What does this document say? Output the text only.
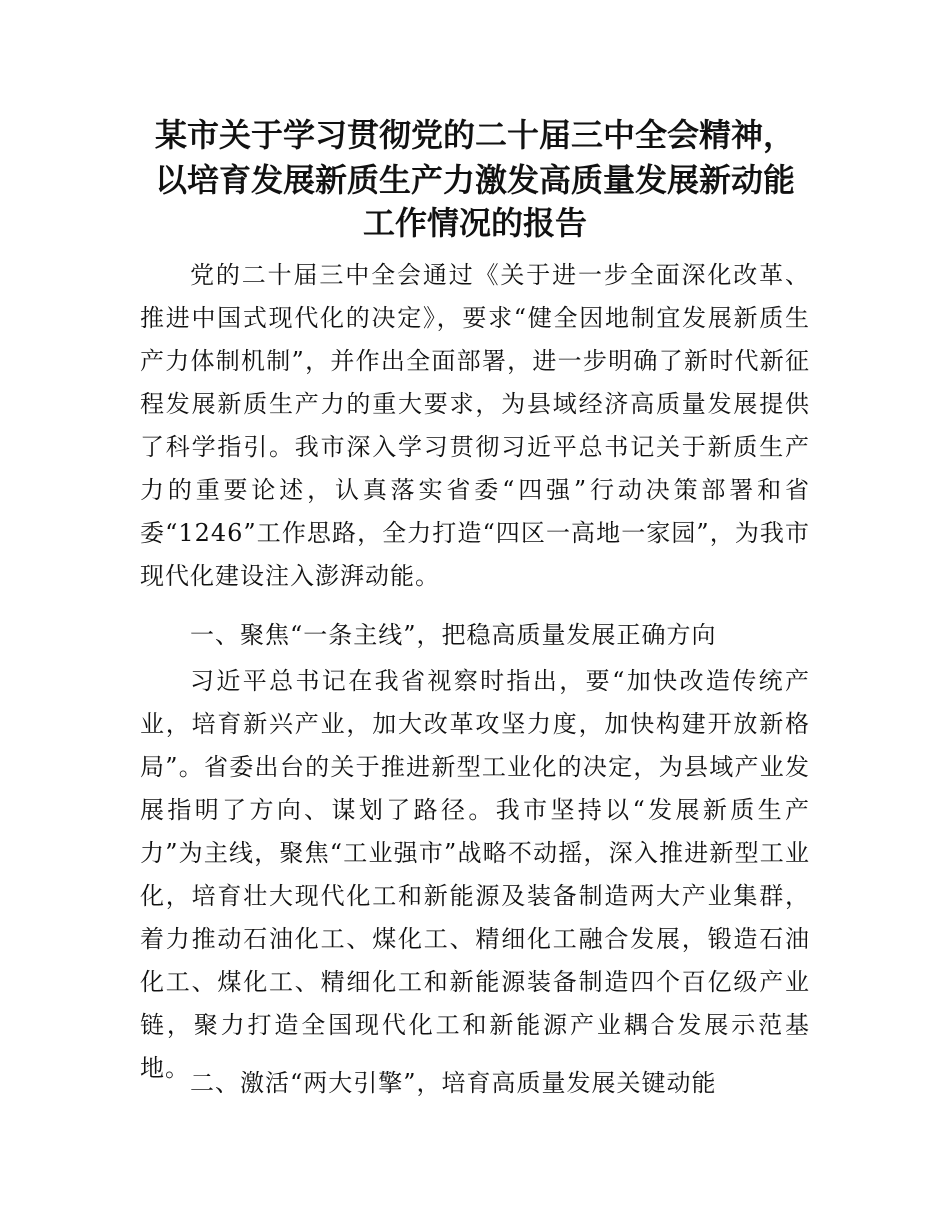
某市关于学习贯彻党的二十届三中全会精神，
以培育发展新质生产力激发高质量发展新动能
工作情况的报告

党的二十届三中全会通过《关于进一步全面深化改革、推进中国式现代化的决定》，要求“健全因地制宜发展新质生产力体制机制”，并作出全面部署，进一步明确了新时代新征程发展新质生产力的重大要求，为县域经济高质量发展提供了科学指引。我市深入学习贯彻习近平总书记关于新质生产力的重要论述，认真落实省委“四强”行动决策部署和省委“1246”工作思路，全力打造“四区一高地一家园”，为我市现代化建设注入澎湃动能。

一、聚焦“一条主线”，把稳高质量发展正确方向

习近平总书记在我省视察时指出，要“加快改造传统产业，培育新兴产业，加大改革攻坚力度，加快构建开放新格局”。省委出台的关于推进新型工业化的决定，为县域产业发展指明了方向、谋划了路径。我市坚持以“发展新质生产力”为主线，聚焦“工业强市”战略不动摇，深入推进新型工业化，培育壮大现代化工和新能源及装备制造两大产业集群，着力推动石油化工、煤化工、精细化工融合发展，锻造石油化工、煤化工、精细化工和新能源装备制造四个百亿级产业链，聚力打造全国现代化工和新能源产业耦合发展示范基地。

二、激活“两大引擎”，培育高质量发展关键动能
